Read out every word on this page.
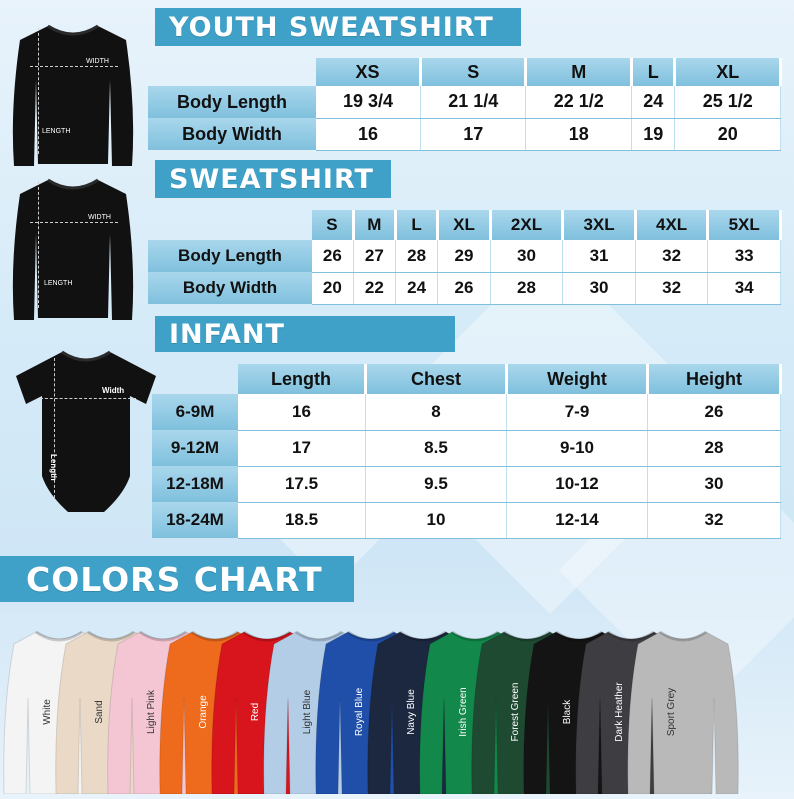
YOUTH SWEATSHIRT
WIDTH
LENGTH
	XS	S	M	L	XL
Body Length	19 3/4	21 1/4	22 1/2	24	25 1/2
Body Width	16	17	18	19	20
SWEATSHIRT
WIDTH
LENGTH
	S	M	L	XL	2XL	3XL	4XL	5XL
Body Length	26	27	28	29	30	31	32	33
Body Width	20	22	24	26	28	30	32	34
INFANT
Width
Length
	Length	Chest	Weight	Height
6-9M	16	8	7-9	26
9-12M	17	8.5	9-10	28
12-18M	17.5	9.5	10-12	30
18-24M	18.5	10	12-14	32
COLORS CHART
White	Sand	Light Pink	Orange	Red	Light Blue	Royal Blue	Navy Blue	Irish Green	Forest Green	Black	Dark Heather	Sport Grey
